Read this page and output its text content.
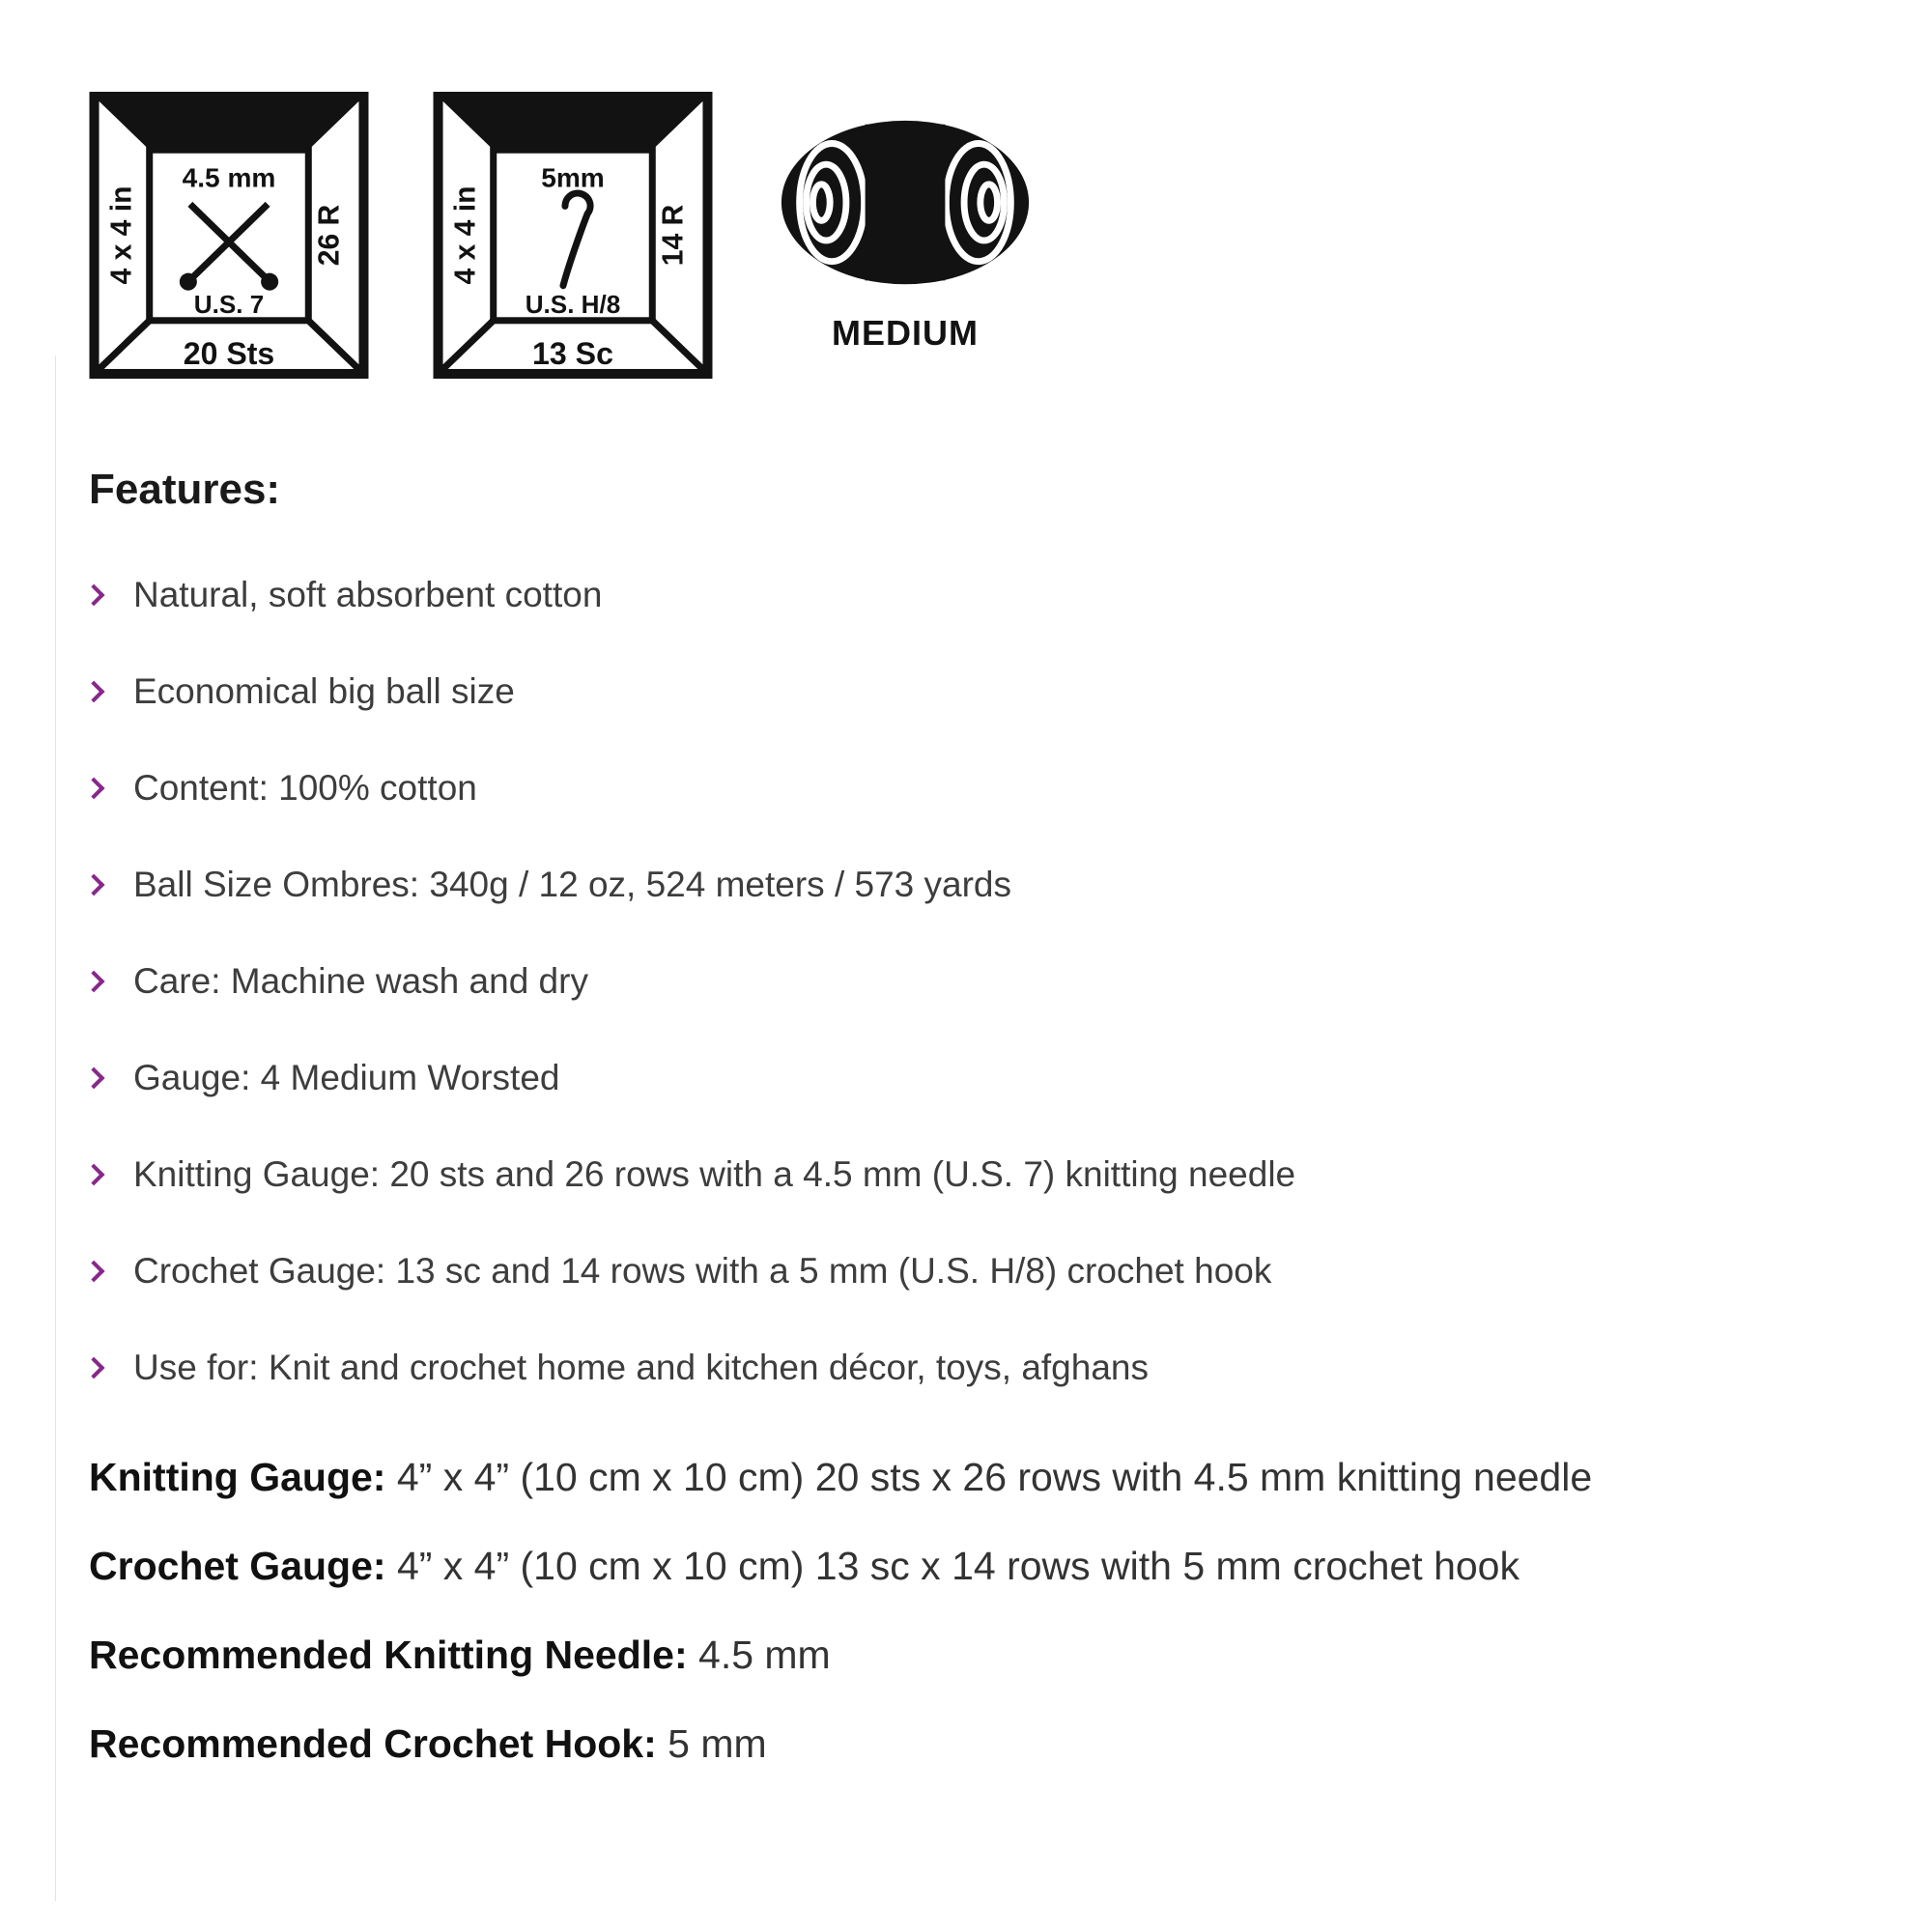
10 x 10 cm
4 x 4 in	26 R
20 Sts
4.5 mm
U.S. 7
10 x 10 cm
4 x 4 in	14 R
13 Sc
5mm
U.S. H/8
4
MEDIUM
Features:
Natural, soft absorbent cotton
Economical big ball size
Content: 100% cotton
Ball Size Ombres: 340g / 12 oz, 524 meters / 573 yards
Care: Machine wash and dry
Gauge: 4 Medium Worsted
Knitting Gauge: 20 sts and 26 rows with a 4.5 mm (U.S. 7) knitting needle
Crochet Gauge: 13 sc and 14 rows with a 5 mm (U.S. H/8) crochet hook
Use for: Knit and crochet home and kitchen décor, toys, afghans

Knitting Gauge: 4” x 4” (10 cm x 10 cm) 20 sts x 26 rows with 4.5 mm knitting needle

Crochet Gauge: 4” x 4” (10 cm x 10 cm) 13 sc x 14 rows with 5 mm crochet hook

Recommended Knitting Needle: 4.5 mm

Recommended Crochet Hook: 5 mm
